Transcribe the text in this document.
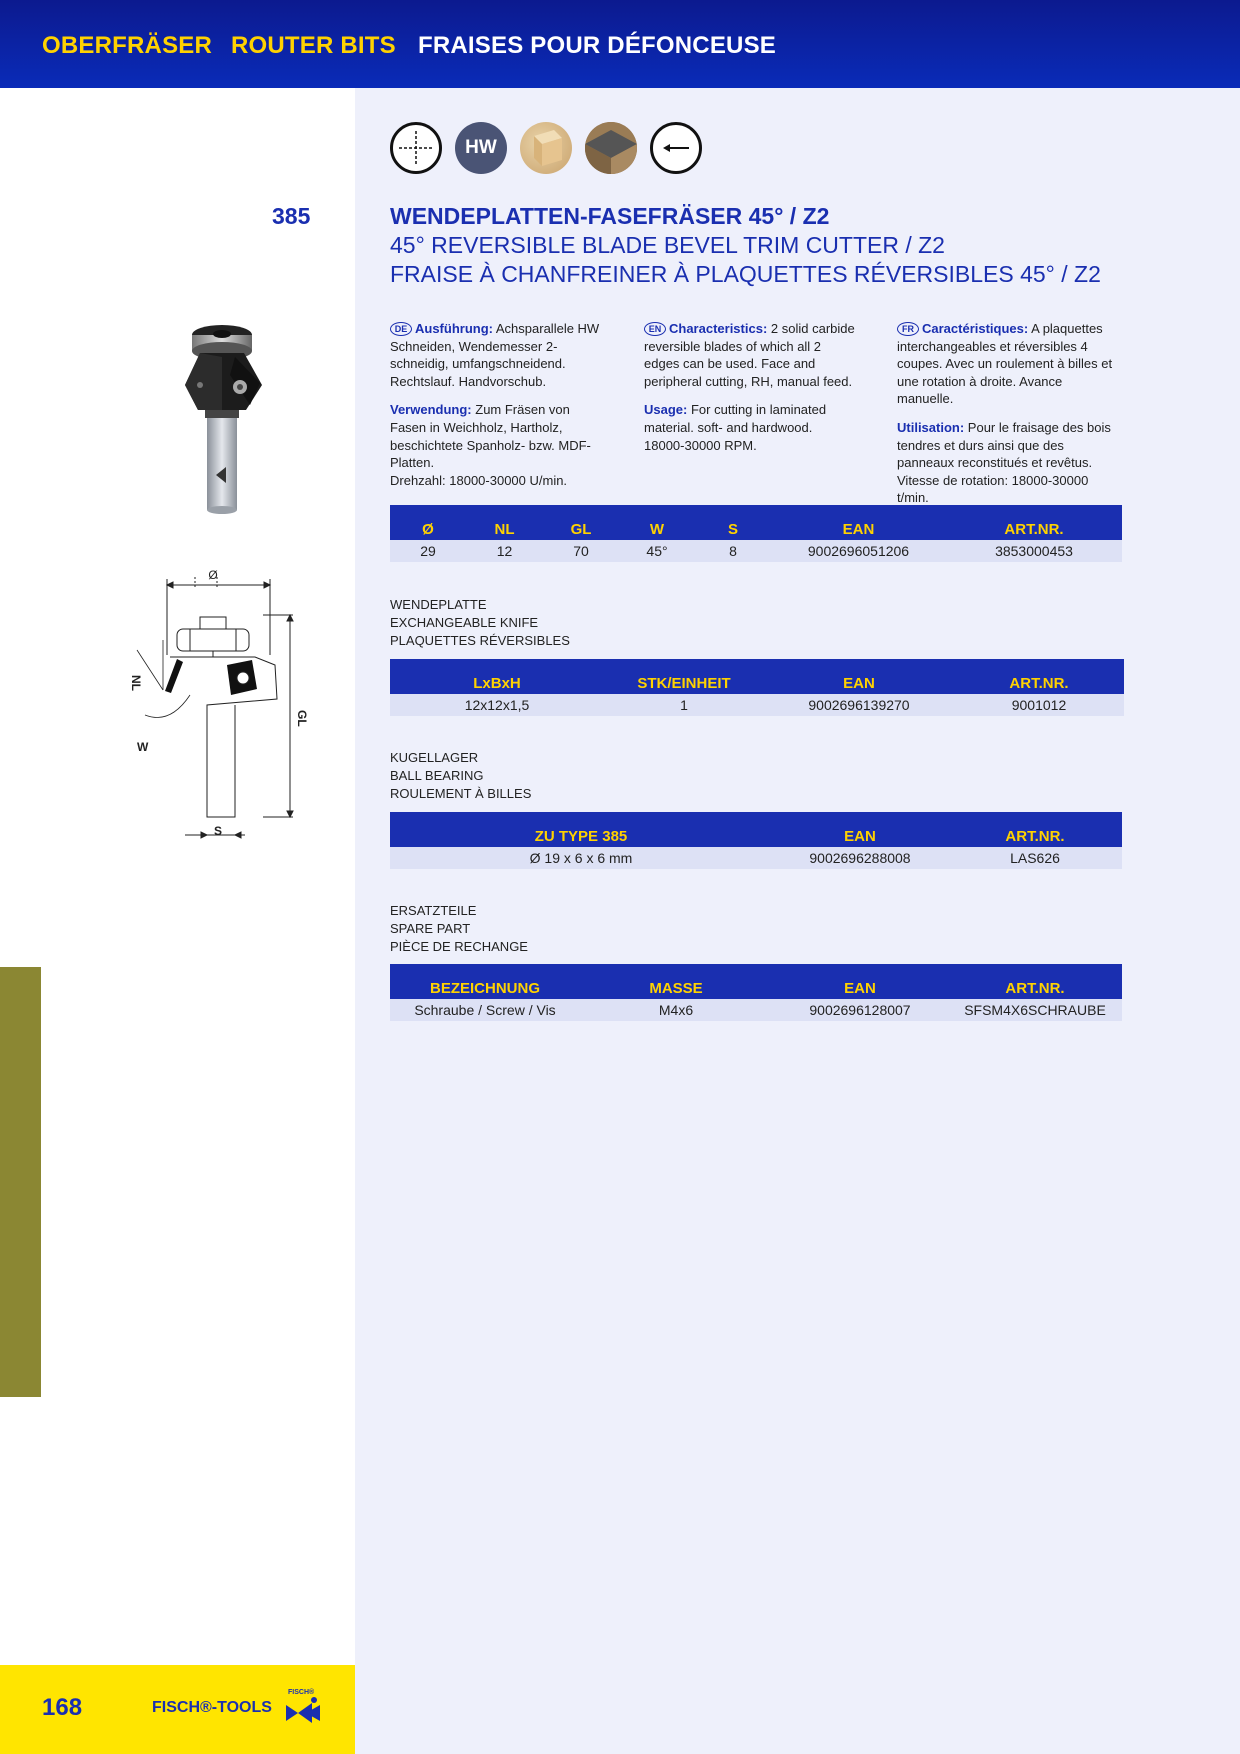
OBERFRÄSER ROUTER BITS FRAISES POUR DÉFONCEUSE
HW
385	WENDEPLATTEN-FASEFRÄSER 45° / Z2
45° REVERSIBLE BLADE BEVEL TRIM CUTTER / Z2
FRAISE À CHANFREINER À PLAQUETTES RÉVERSIBLES 45° / Z2

DE Ausführung: Achsparallele HW Schneiden, Wendemesser 2-schneidig, umfangschneidend. Rechtslauf. Handvorschub.

Verwendung: Zum Fräsen von Fasen in Weichholz, Hartholz, beschichtete Spanholz- bzw. MDF-Platten.

Drehzahl: 18000-30000 U/min.

EN Characteristics: 2 solid carbide reversible blades of which all 2 edges can be used. Face and peripheral cutting, RH, manual feed.

Usage: For cutting in laminated material. soft- and hardwood.

18000-30000 RPM.

FR Caractéristiques: A plaquettes interchangeables et réversibles 4 coupes. Avec un roulement à billes et une rotation à droite. Avance manuelle.

Utilisation: Pour le fraisage des bois tendres et durs ainsi que des panneaux reconstitués et revêtus.

Vitesse de rotation: 18000-30000 t/min.

Ø	NL	GL	W	S	EAN	ART.NR.
29	12	70	45°	8	9002696051206	3853000453
WENDEPLATTE
EXCHANGEABLE KNIFE
PLAQUETTES RÉVERSIBLES
LxBxH	STK/EINHEIT	EAN	ART.NR.
12x12x1,5	1	9002696139270	9001012
KUGELLAGER
BALL BEARING
ROULEMENT À BILLES
ZU TYPE 385	EAN	ART.NR.
Ø 19 x 6 x 6 mm	9002696288008	LAS626
ERSATZTEILE
SPARE PART
PIÈCE DE RECHANGE
BEZEICHNUNG	MASSE	EAN	ART.NR.
Schraube / Screw / Vis	M4x6	9002696128007	SFSM4X6SCHRAUBE
Ø
NL
GL
W
S
168	FISCH®-TOOLS
FISCH®
